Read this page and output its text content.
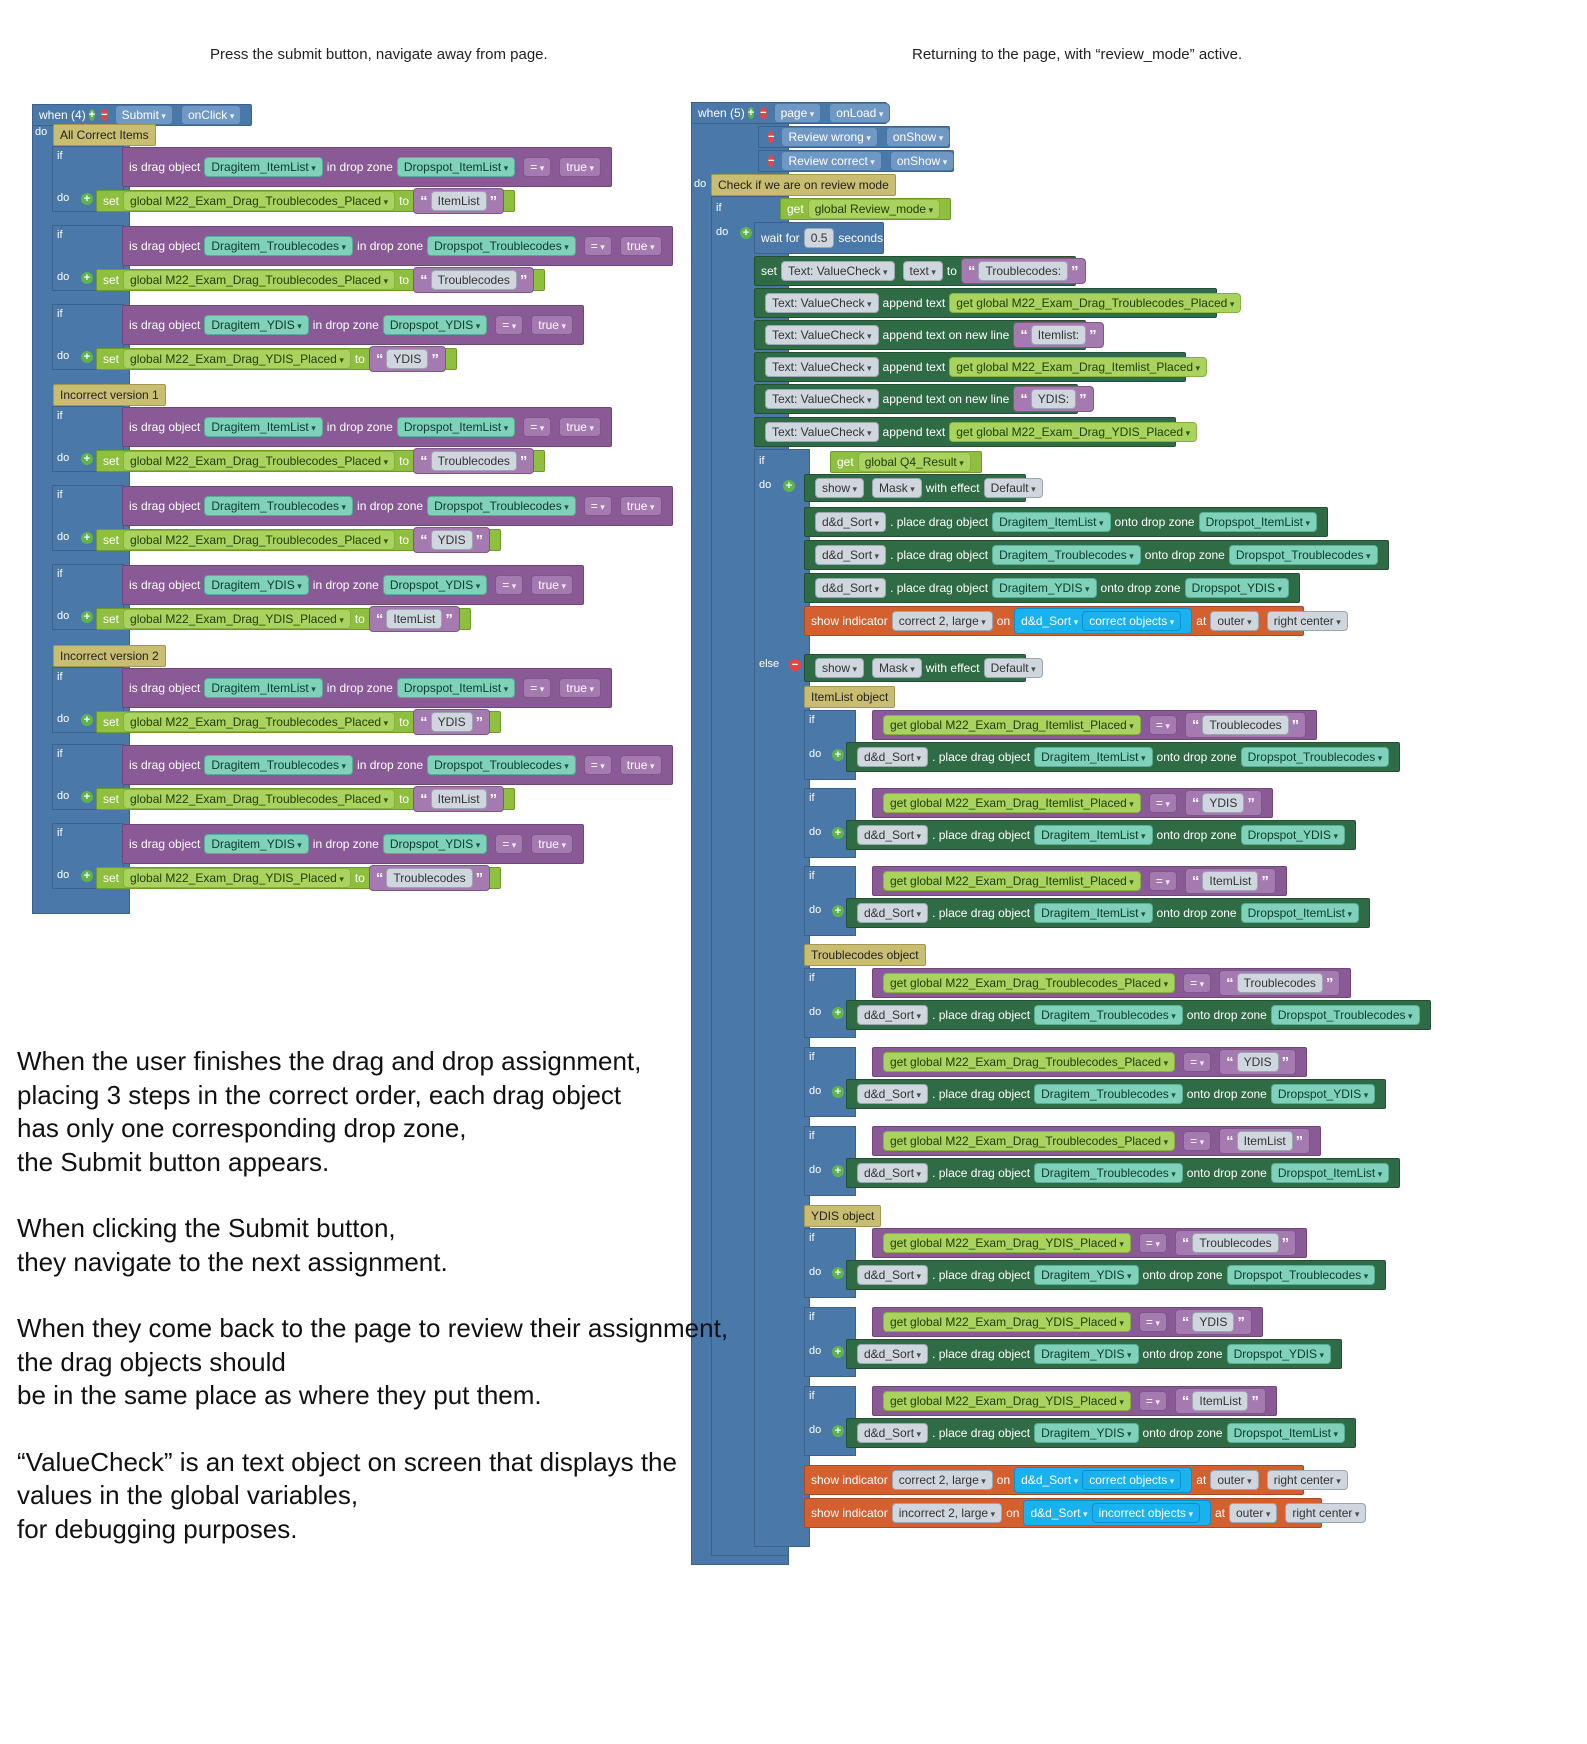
Press the submit button, navigate away from page.	Returning to the page, with “review_mode” active.
when (4) + −	Submit ▾	onClick ▾
do All Correct Items
if
do +
is drag object Dragitem_ItemList ▾	in drop zone Dropspot_ItemList ▾	= ▾	true ▾
set global M22_Exam_Drag_Troublecodes_Placed ▾	to “ ItemList ”
if
do +
is drag object Dragitem_Troublecodes ▾	in drop zone Dropspot_Troublecodes ▾	= ▾	true ▾
set global M22_Exam_Drag_Troublecodes_Placed ▾	to “ Troublecodes ”
if
do +
is drag object Dragitem_YDIS ▾	in drop zone Dropspot_YDIS ▾	= ▾	true ▾
set global M22_Exam_Drag_YDIS_Placed ▾	to “ YDIS ”
Incorrect version 1
if
do +
is drag object Dragitem_ItemList ▾	in drop zone Dropspot_ItemList ▾	= ▾	true ▾
set global M22_Exam_Drag_Troublecodes_Placed ▾	to “ Troublecodes ”
if
do +
is drag object Dragitem_Troublecodes ▾	in drop zone Dropspot_Troublecodes ▾	= ▾	true ▾
set global M22_Exam_Drag_Troublecodes_Placed ▾	to “ YDIS ”
if
do +
is drag object Dragitem_YDIS ▾	in drop zone Dropspot_YDIS ▾	= ▾	true ▾
set global M22_Exam_Drag_YDIS_Placed ▾	to “ ItemList ”
Incorrect version 2
if
do +
is drag object Dragitem_ItemList ▾	in drop zone Dropspot_ItemList ▾	= ▾	true ▾
set global M22_Exam_Drag_Troublecodes_Placed ▾	to “ YDIS ”
if
do +
is drag object Dragitem_Troublecodes ▾	in drop zone Dropspot_Troublecodes ▾	= ▾	true ▾
set global M22_Exam_Drag_Troublecodes_Placed ▾	to “ ItemList ”
if
do +
is drag object Dragitem_YDIS ▾	in drop zone Dropspot_YDIS ▾	= ▾	true ▾
set global M22_Exam_Drag_YDIS_Placed ▾	to “ Troublecodes ”
when (5) + −	page ▾	onLoad ▾
−	Review wrong ▾	onShow ▾
−	Review correct ▾	onShow ▾
do Check if we are on review mode
if
do +
get global Review_mode ▾
wait for 0.5 seconds
set Text: ValueCheck ▾	text ▾	to “ Troublecodes: ”
Text: ValueCheck ▾	append text get global M22_Exam_Drag_Troublecodes_Placed ▾
Text: ValueCheck ▾	append text on new line “ Itemlist: ”
Text: ValueCheck ▾	append text get global M22_Exam_Drag_Itemlist_Placed ▾
Text: ValueCheck ▾	append text on new line “ YDIS: ”
Text: ValueCheck ▾	append text get global M22_Exam_Drag_YDIS_Placed ▾
if
do +
else −
get global Q4_Result ▾
show ▾	Mask ▾	with effect Default ▾
d&d_Sort ▾	. place drag object Dragitem_ItemList ▾	onto drop zone Dropspot_ItemList ▾
d&d_Sort ▾	. place drag object Dragitem_Troublecodes ▾	onto drop zone Dropspot_Troublecodes ▾
d&d_Sort ▾	. place drag object Dragitem_YDIS ▾	onto drop zone Dropspot_YDIS ▾
show indicator correct 2, large ▾	on d&d_Sort ▾ correct objects ▾	at outer ▾	right center ▾
show ▾	Mask ▾	with effect Default ▾
ItemList object
if
do +
get global M22_Exam_Drag_Itemlist_Placed ▾	= ▾	“ Troublecodes ”
d&d_Sort ▾	. place drag object Dragitem_ItemList ▾	onto drop zone Dropspot_Troublecodes ▾
if
do +
get global M22_Exam_Drag_Itemlist_Placed ▾	= ▾	“ YDIS ”
d&d_Sort ▾	. place drag object Dragitem_ItemList ▾	onto drop zone Dropspot_YDIS ▾
if
do +
get global M22_Exam_Drag_Itemlist_Placed ▾	= ▾	“ ItemList ”
d&d_Sort ▾	. place drag object Dragitem_ItemList ▾	onto drop zone Dropspot_ItemList ▾
Troublecodes object
if
do +
get global M22_Exam_Drag_Troublecodes_Placed ▾	= ▾	“ Troublecodes ”
d&d_Sort ▾	. place drag object Dragitem_Troublecodes ▾	onto drop zone Dropspot_Troublecodes ▾
if
do +
get global M22_Exam_Drag_Troublecodes_Placed ▾	= ▾	“ YDIS ”
d&d_Sort ▾	. place drag object Dragitem_Troublecodes ▾	onto drop zone Dropspot_YDIS ▾
if
do +
get global M22_Exam_Drag_Troublecodes_Placed ▾	= ▾	“ ItemList ”
d&d_Sort ▾	. place drag object Dragitem_Troublecodes ▾	onto drop zone Dropspot_ItemList ▾
YDIS object
if
do +
get global M22_Exam_Drag_YDIS_Placed ▾	= ▾	“ Troublecodes ”
d&d_Sort ▾	. place drag object Dragitem_YDIS ▾	onto drop zone Dropspot_Troublecodes ▾
if
do +
get global M22_Exam_Drag_YDIS_Placed ▾	= ▾	“ YDIS ”
d&d_Sort ▾	. place drag object Dragitem_YDIS ▾	onto drop zone Dropspot_YDIS ▾
if
do +
get global M22_Exam_Drag_YDIS_Placed ▾	= ▾	“ ItemList ”
d&d_Sort ▾	. place drag object Dragitem_YDIS ▾	onto drop zone Dropspot_ItemList ▾
show indicator correct 2, large ▾	on d&d_Sort ▾ correct objects ▾	at outer ▾	right center ▾
show indicator incorrect 2, large ▾	on d&d_Sort ▾ incorrect objects ▾	at outer ▾	right center ▾

When the user finishes the drag and drop assignment,
placing 3 steps in the correct order, each drag object
has only one corresponding drop zone,
the Submit button appears.

When clicking the Submit button,
they navigate to the next assignment.

When they come back to the page to review their assignment,
the drag objects should
be in the same place as where they put them.

“ValueCheck” is an text object on screen that displays the
values in the global variables,
for debugging purposes.
